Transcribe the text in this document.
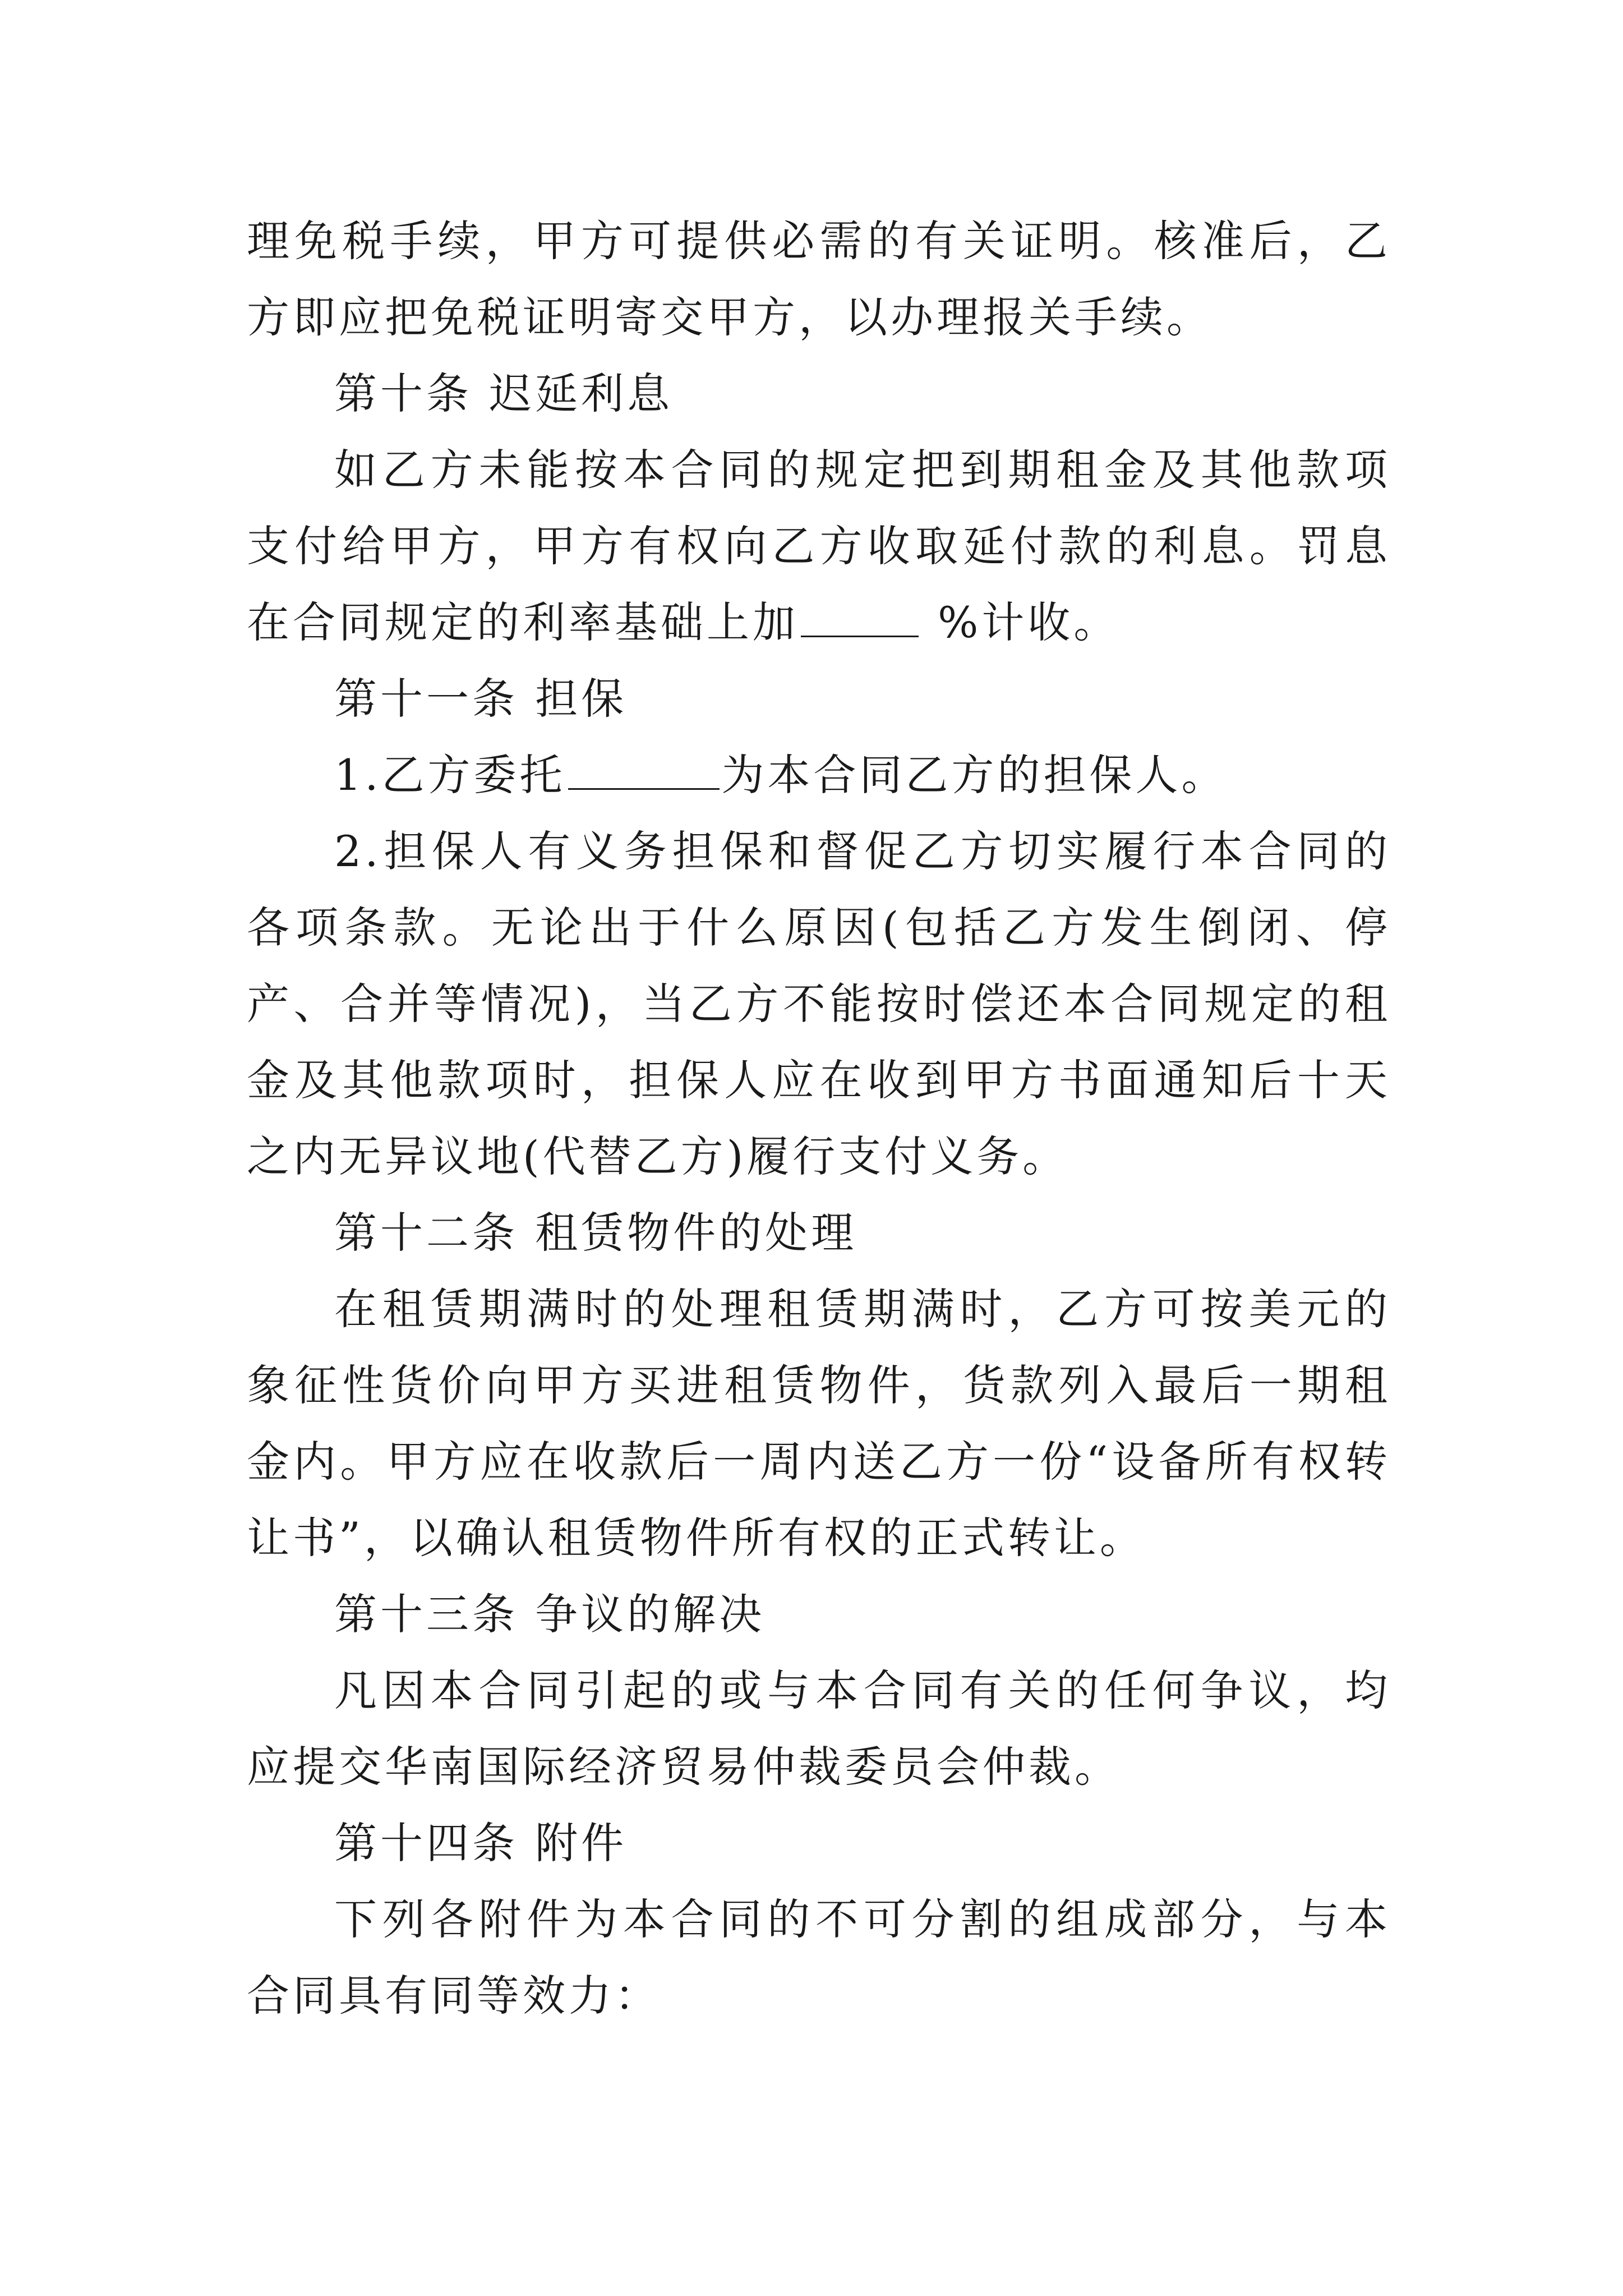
理免税手续，甲方可提供必需的有关证明。核准后，乙方即应把免税证明寄交甲方，以办理报关手续。

第十条 迟延利息

如乙方未能按本合同的规定把到期租金及其他款项支付给甲方，甲方有权向乙方收取延付款的利息。罚息在合同规定的利率基础上加	%计收。

第十一条 担保

1.乙方委托	为本合同乙方的担保人。

2.担保人有义务担保和督促乙方切实履行本合同的各项条款。无论出于什么原因(包括乙方发生倒闭、停产、合并等情况)，当乙方不能按时偿还本合同规定的租金及其他款项时，担保人应在收到甲方书面通知后十天之内无异议地(代替乙方)履行支付义务。

第十二条 租赁物件的处理

在租赁期满时的处理租赁期满时，乙方可按美元的象征性货价向甲方买进租赁物件，货款列入最后一期租金内。甲方应在收款后一周内送乙方一份“设备所有权转让书”，以确认租赁物件所有权的正式转让。

第十三条 争议的解决

凡因本合同引起的或与本合同有关的任何争议，均应提交华南国际经济贸易仲裁委员会仲裁。

第十四条 附件

下列各附件为本合同的不可分割的组成部分，与本合同具有同等效力：
